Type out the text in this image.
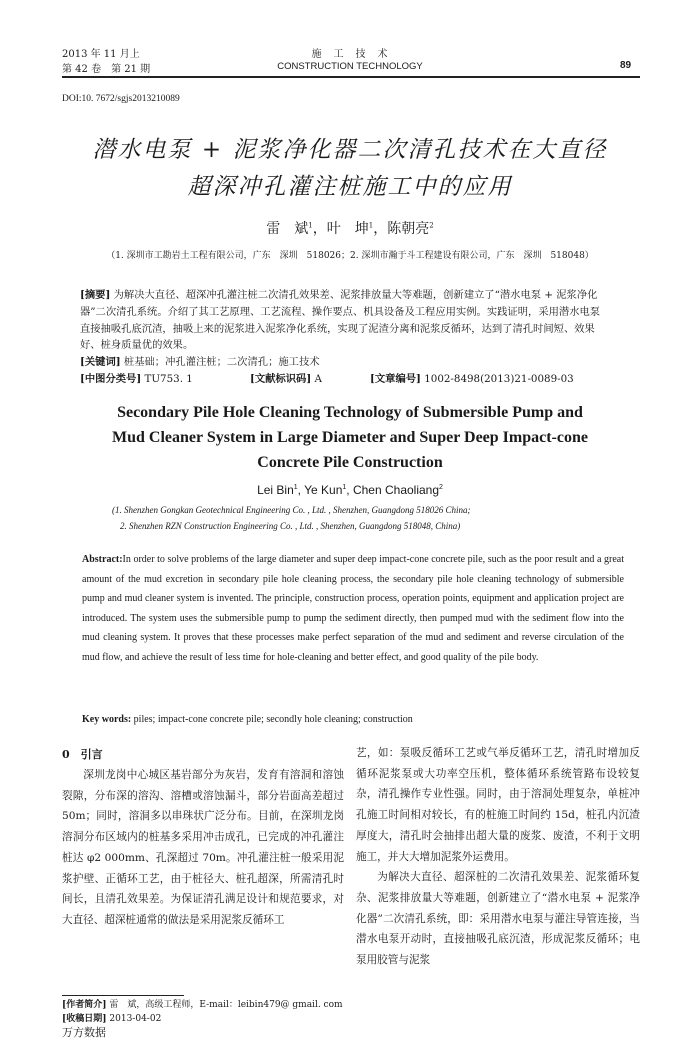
2013 年 11 月上
第 42 卷　第 21 期
施　工　技　术
CONSTRUCTION TECHNOLOGY	89
DOI:10. 7672/sgjs2013210089
潜水电泵 + 泥浆净化器二次清孔技术在大直径
超深冲孔灌注桩施工中的应用
雷　斌$^1$，叶　坤$^1$，陈朝亮$^2$
（1. 深圳市工勘岩土工程有限公司，广东　深圳　518026；2. 深圳市瀚于斗工程建设有限公司，广东　深圳　518048）
[摘要] 为解决大直径、超深冲孔灌注桩二次清孔效果差、泥浆排放量大等难题，创新建立了“潜水电泵 + 泥浆净化
器”二次清孔系统。介绍了其工艺原理、工艺流程、操作要点、机具设备及工程应用实例。实践证明，采用潜水电泵
直接抽吸孔底沉渣，抽吸上来的泥浆进入泥浆净化系统，实现了泥渣分离和泥浆反循环，达到了清孔时间短、效果
好、桩身质量优的效果。
[关键词] 桩基础；冲孔灌注桩；二次清孔；施工技术
[中图分类号] TU753. 1	[文献标识码] A	[文章编号] 1002-8498(2013)21-0089-03
Secondary Pile Hole Cleaning Technology of Submersible Pump and
Mud Cleaner System in Large Diameter and Super Deep Impact-cone
Concrete Pile Construction
Lei Bin$^1$, Ye Kun$^1$, Chen Chaoliang$^2$
(1. Shenzhen Gongkan Geotechnical Engineering Co. , Ltd. , Shenzhen, Guangdong 518026 China;
2. Shenzhen RZN Construction Engineering Co. , Ltd. , Shenzhen, Guangdong 518048, China)
Abstract:In order to solve problems of the large diameter and super deep impact-cone concrete pile, such as the poor result and a great amount of the mud excretion in secondary pile hole cleaning process, the secondary pile hole cleaning technology of submersible pump and mud cleaner system is invented. The principle, construction process, operation points, equipment and application project are introduced. The system uses the submersible pump to pump the sediment directly, then pumped mud with the sediment flow into the mud cleaning system. It proves that these processes make perfect separation of the mud and sediment and reverse circulation of the mud flow, and achieve the result of less time for hole-cleaning and better effect, and good quality of the pile body.
Key words: piles; impact-cone concrete pile; secondly hole cleaning; construction
0　 引言
深圳龙岗中心城区基岩部分为灰岩，发育有溶洞和溶蚀裂隙，分布深的溶沟、溶槽或溶蚀漏斗，部分岩面高差超过 50m；同时，溶洞多以串珠状广泛分布。目前，在深圳龙岗溶洞分布区域内的桩基多采用冲击成孔，已完成的冲孔灌注桩达 φ2 000mm、孔深超过 70m。冲孔灌注桩一般采用泥浆护壁、正循环工艺，由于桩径大、桩孔超深，所需清孔时间长，且清孔效果差。为保证清孔满足设计和规范要求，对大直径、超深桩通常的做法是采用泥浆反循环工
艺，如：泵吸反循环工艺或气举反循环工艺，清孔时增加反循环泥浆泵或大功率空压机，整体循环系统管路布设较复杂，清孔操作专业性强。同时，由于溶洞处理复杂，单桩冲孔施工时间相对较长，有的桩施工时间约 15d，桩孔内沉渣厚度大，清孔时会抽排出超大量的废浆、废渣，不利于文明施工，并大大增加泥浆外运费用。
为解决大直径、超深桩的二次清孔效果差、泥浆循环复杂、泥浆排放量大等难题，创新建立了“潜水电泵 + 泥浆净化器”二次清孔系统，即：采用潜水电泵与灌注导管连接，当潜水电泵开动时，直接抽吸孔底沉渣，形成泥浆反循环；电泵用胶管与泥浆
[作者简介] 雷　斌，高级工程师，E-mail：leibin479@ gmail. com
[收稿日期] 2013-04-02
万方数据
